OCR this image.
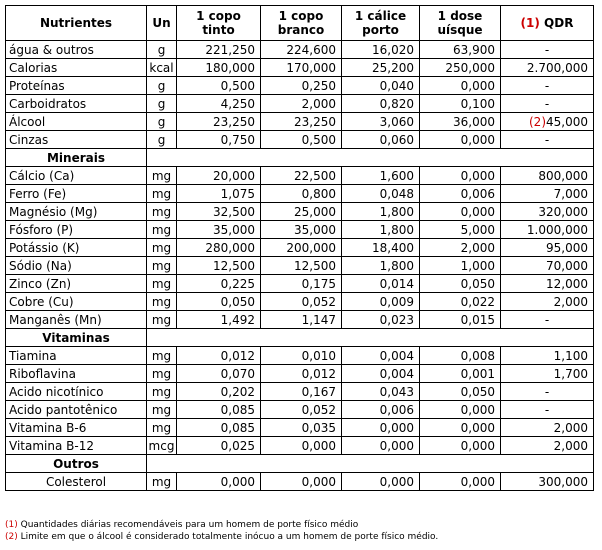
Nutrientes	Un	1 copo tinto	1 copo branco	1 cálice porto	1 dose uísque	(1) QDR
água & outros	g	221,250	224,600	16,020	63,900	-
Calorias	kcal	180,000	170,000	25,200	250,000	2.700,000
Proteínas	g	0,500	0,250	0,040	0,000	-
Carboidratos	g	4,250	2,000	0,820	0,100	-
Álcool	g	23,250	23,250	3,060	36,000	(2)45,000
Cinzas	g	0,750	0,500	0,060	0,000	-
Minerais						
Cálcio (Ca)	mg	20,000	22,500	1,600	0,000	800,000
Ferro (Fe)	mg	1,075	0,800	0,048	0,006	7,000
Magnésio (Mg)	mg	32,500	25,000	1,800	0,000	320,000
Fósforo (P)	mg	35,000	35,000	1,800	5,000	1.000,000
Potássio (K)	mg	280,000	200,000	18,400	2,000	95,000
Sódio (Na)	mg	12,500	12,500	1,800	1,000	70,000
Zinco (Zn)	mg	0,225	0,175	0,014	0,050	12,000
Cobre (Cu)	mg	0,050	0,052	0,009	0,022	2,000
Manganês (Mn)	mg	1,492	1,147	0,023	0,015	-
Vitaminas						
Tiamina	mg	0,012	0,010	0,004	0,008	1,100
Riboflavina	mg	0,070	0,012	0,004	0,001	1,700
Acido nicotínico	mg	0,202	0,167	0,043	0,050	-
Acido pantotênico	mg	0,085	0,052	0,006	0,000	-
Vitamina B-6	mg	0,085	0,035	0,000	0,000	2,000
Vitamina B-12	mcg	0,025	0,000	0,000	0,000	2,000
Outros						
Colesterol	mg	0,000	0,000	0,000	0,000	300,000
(1) Quantidades diárias recomendáveis para um homem de porte físico médio
(2) Limite em que o álcool é considerado totalmente inócuo a um homem de porte físico médio.
